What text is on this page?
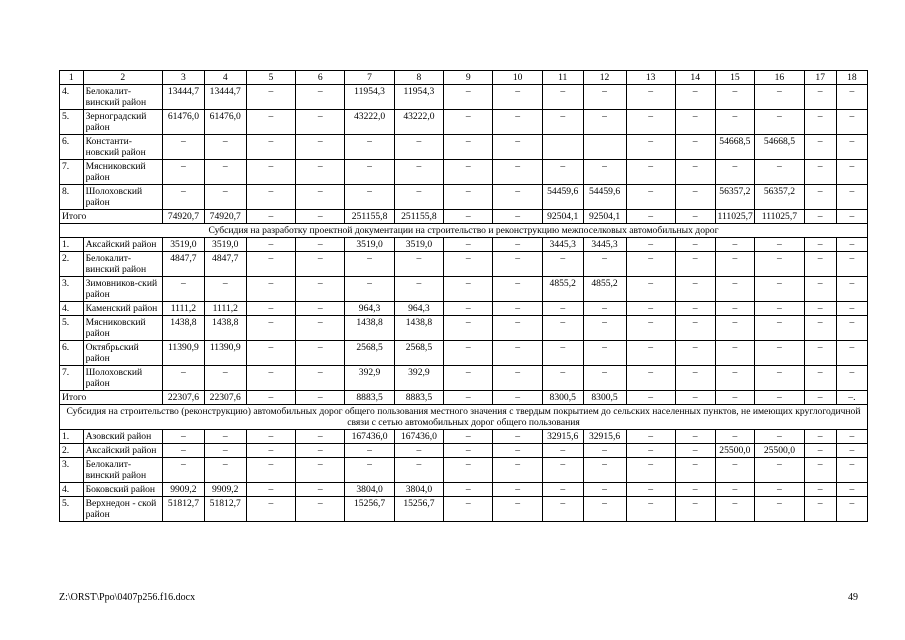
1	2	3	4	5	6	7	8	9	10	11	12	13	14	15	16	17	18
4.	Белокалит-винский район	13444,7	13444,7	–	–	11954,3	11954,3	–	–	–	–	–	–	–	–	–	–
5.	Зерноградский район	61476,0	61476,0	–	–	43222,0	43222,0	–	–	–	–	–	–	–	–	–	–
6.	Константи-новский район	–	–	–	–	–	–	–	–			–	–	54668,5	54668,5	–	–
7.	Мясниковский район	–	–	–	–	–	–	–	–	–	–	–	–	–	–	–	–
8.	Шолоховский район	–	–	–	–	–	–	–	–	54459,6	54459,6	–	–	56357,2	56357,2	–	–
Итого		74920,7	74920,7	–	–	251155,8	251155,8	–	–	92504,1	92504,1	–	–	111025,7	111025,7	–	–
Субсидия на разработку проектной документации на строительство и реконструкцию межпоселковых автомобильных дорог																	
1.	Аксайский район	3519,0	3519,0	–	–	3519,0	3519,0	–	–	3445,3	3445,3	–	–	–	–	–	–
2.	Белокалит-винский район	4847,7	4847,7	–	–	–	–	–	–	–	–	–	–	–	–	–	–
3.	Зимовников-ский район	–	–	–	–	–	–	–	–	4855,2	4855,2	–	–	–	–	–	–
4.	Каменский район	1111,2	1111,2	–	–	964,3	964,3	–	–	–	–	–	–	–	–	–	–
5.	Мясниковский район	1438,8	1438,8	–	–	1438,8	1438,8	–	–	–	–	–	–	–	–	–	–
6.	Октябрьский район	11390,9	11390,9	–	–	2568,5	2568,5	–	–	–	–	–	–	–	–	–	–
7.	Шолоховский район	–	–	–	–	392,9	392,9	–	–	–	–	–	–	–	–	–	–
Итого		22307,6	22307,6	–	–	8883,5	8883,5	–	–	8300,5	8300,5	–	–	–	–	–	–.
Субсидия на строительство (реконструкцию) автомобильных дорог общего пользования местного значения с твердым покрытием до сельских населенных пунктов, не имеющих круглогодичной связи с сетью автомобильных дорог общего пользования																	
1.	Азовский район	–	–	–	–	167436,0	167436,0	–	–	32915,6	32915,6	–	–	–	–	–	–
2.	Аксайский район	–	–	–	–	–	–	–	–	–	–	–	–	25500,0	25500,0	–	–
3.	Белокалит-винский район	–	–	–	–	–	–	–	–	–	–	–	–	–	–	–	–
4.	Боковский район	9909,2	9909,2	–	–	3804,0	3804,0	–	–	–	–	–	–	–	–	–	–
5.	Верхнедон - ской район	51812,7	51812,7	–	–	15256,7	15256,7	–	–	–	–	–	–	–	–	–	–
Z:\ORST\Ppo\0407p256.f16.docx	49
